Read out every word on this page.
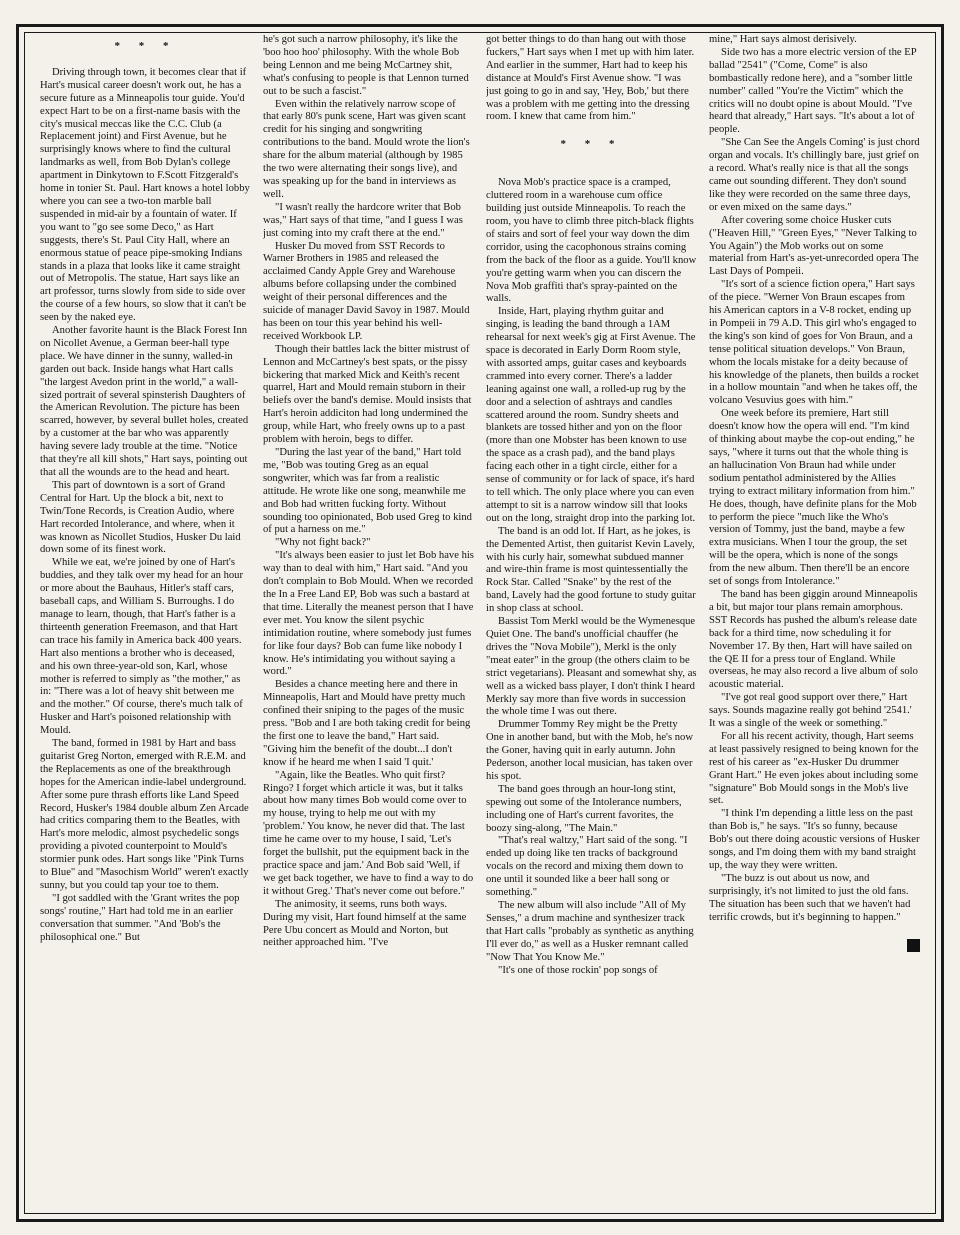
* * *

Driving through town, it becomes clear that if Hart's musical career doesn't work out, he has a secure future as a Minneapolis tour guide. You'd expect Hart to be on a first-name basis with the city's musical meccas like the C.C. Club (a Replacement joint) and First Avenue, but he surprisingly knows where to find the cultural landmarks as well, from Bob Dylan's college apartment in Dinkytown to F.Scott Fitzgerald's home in tonier St. Paul. Hart knows a hotel lobby where you can see a two-ton marble ball suspended in mid-air by a fountain of water. If you want to "go see some Deco," as Hart suggests, there's St. Paul City Hall, where an enormous statue of peace pipe-smoking Indians stands in a plaza that looks like it came straight out of Metropolis. The statue, Hart says like an art professor, turns slowly from side to side over the course of a few hours, so slow that it can't be seen by the naked eye.

Another favorite haunt is the Black Forest Inn on Nicollet Avenue, a German beer-hall type place. We have dinner in the sunny, walled-in garden out back. Inside hangs what Hart calls "the largest Avedon print in the world," a wall-sized portrait of several spinsterish Daughters of the American Revolution. The picture has been scarred, however, by several bullet holes, created by a customer at the bar who was apparently having severe lady trouble at the time. "Notice that they're all kill shots," Hart says, pointing out that all the wounds are to the head and heart.

This part of downtown is a sort of Grand Central for Hart. Up the block a bit, next to Twin/Tone Records, is Creation Audio, where Hart recorded Intolerance, and where, when it was known as Nicollet Studios, Husker Du laid down some of its finest work.

While we eat, we're joined by one of Hart's buddies, and they talk over my head for an hour or more about the Bauhaus, Hitler's staff cars, baseball caps, and William S. Burroughs. I do manage to learn, though, that Hart's father is a thirteenth generation Freemason, and that Hart can trace his family in America back 400 years. Hart also mentions a brother who is deceased, and his own three-year-old son, Karl, whose mother is referred to simply as "the mother," as in: "There was a lot of heavy shit between me and the mother." Of course, there's much talk of Husker and Hart's poisoned relationship with Mould.

The band, formed in 1981 by Hart and bass guitarist Greg Norton, emerged with R.E.M. and the Replacements as one of the breakthrough hopes for the American indie-label underground. After some pure thrash efforts like Land Speed Record, Husker's 1984 double album Zen Arcade had critics comparing them to the Beatles, with Hart's more melodic, almost psychedelic songs providing a pivoted counterpoint to Mould's stormier punk odes. Hart songs like "Pink Turns to Blue" and "Masochism World" weren't exactly sunny, but you could tap your toe to them.

"I got saddled with the 'Grant writes the pop songs' routine," Hart had told me in an earlier conversation that summer. "And 'Bob's the philosophical one." But

he's got such a narrow philosophy, it's like the 'boo hoo hoo' philosophy. With the whole Bob being Lennon and me being McCartney shit, what's confusing to people is that Lennon turned out to be such a fascist."

Even within the relatively narrow scope of that early 80's punk scene, Hart was given scant credit for his singing and songwriting contributions to the band. Mould wrote the lion's share for the album material (although by 1985 the two were alternating their songs live), and was speaking up for the band in interviews as well.

"I wasn't really the hardcore writer that Bob was," Hart says of that time, "and I guess I was just coming into my craft there at the end."

Husker Du moved from SST Records to Warner Brothers in 1985 and released the acclaimed Candy Apple Grey and Warehouse albums before collapsing under the combined weight of their personal differences and the suicide of manager David Savoy in 1987. Mould has been on tour this year behind his well-received Workbook LP.

Though their battles lack the bitter mistrust of Lennon and McCartney's best spats, or the pissy bickering that marked Mick and Keith's recent quarrel, Hart and Mould remain stuborn in their beliefs over the band's demise. Mould insists that Hart's heroin addiciton had long undermined the group, while Hart, who freely owns up to a past problem with heroin, begs to differ.

"During the last year of the band," Hart told me, "Bob was touting Greg as an equal songwriter, which was far from a realistic attitude. He wrote like one song, meanwhile me and Bob had written fucking forty. Without sounding too opinionated, Bob used Greg to kind of put a harness on me."

"Why not fight back?"

"It's always been easier to just let Bob have his way than to deal with him," Hart said. "And you don't complain to Bob Mould. When we recorded the In a Free Land EP, Bob was such a bastard at that time. Literally the meanest person that I have ever met. You know the silent psychic intimidation routine, where somebody just fumes for like four days? Bob can fume like nobody I know. He's intimidating you without saying a word."

Besides a chance meeting here and there in Minneapolis, Hart and Mould have pretty much confined their sniping to the pages of the music press. "Bob and I are both taking credit for being the first one to leave the band," Hart said. "Giving him the benefit of the doubt...I don't know if he heard me when I said 'I quit.'

"Again, like the Beatles. Who quit first? Ringo? I forget which article it was, but it talks about how many times Bob would come over to my house, trying to help me out with my 'problem.' You know, he never did that. The last time he came over to my house, I said, 'Let's forget the bullshit, put the equipment back in the practice space and jam.' And Bob said 'Well, if we get back together, we have to find a way to do it without Greg.' That's never come out before."

The animosity, it seems, runs both ways. During my visit, Hart found himself at the same Pere Ubu concert as Mould and Norton, but neither approached him. "I've

got better things to do than hang out with those fuckers," Hart says when I met up with him later. And earlier in the summer, Hart had to keep his distance at Mould's First Avenue show. "I was just going to go in and say, 'Hey, Bob,' but there was a problem with me getting into the dressing room. I knew that came from him."

* * *

Nova Mob's practice space is a cramped, cluttered room in a warehouse cum office building just outside Minneapolis. To reach the room, you have to climb three pitch-black flights of stairs and sort of feel your way down the dim corridor, using the cacophonous strains coming from the back of the floor as a guide. You'll know you're getting warm when you can discern the Nova Mob graffiti that's spray-painted on the walls.

Inside, Hart, playing rhythm guitar and singing, is leading the band through a 1AM rehearsal for next week's gig at First Avenue. The space is decorated in Early Dorm Room style, with assorted amps, guitar cases and keyboards crammed into every corner. There's a ladder leaning against one wall, a rolled-up rug by the door and a selection of ashtrays and candles scattered around the room. Sundry sheets and blankets are tossed hither and yon on the floor (more than one Mobster has been known to use the space as a crash pad), and the band plays facing each other in a tight circle, either for a sense of community or for lack of space, it's hard to tell which. The only place where you can even attempt to sit is a narrow window sill that looks out on the long, straight drop into the parking lot.

The band is an odd lot. If Hart, as he jokes, is the Demented Artist, then guitarist Kevin Lavely, with his curly hair, somewhat subdued manner and wire-thin frame is most quintessentially the Rock Star. Called "Snake" by the rest of the band, Lavely had the good fortune to study guitar in shop class at school.

Bassist Tom Merkl would be the Wymenesque Quiet One. The band's unofficial chauffer (he drives the "Nova Mobile"), Merkl is the only "meat eater" in the group (the others claim to be strict vegetarians). Pleasant and somewhat shy, as well as a wicked bass player, I don't think I heard Merkly say more than five words in succession the whole time I was out there.

Drummer Tommy Rey might be the Pretty One in another band, but with the Mob, he's now the Goner, having quit in early autumn. John Pederson, another local musician, has taken over his spot.

The band goes through an hour-long stint, spewing out some of the Intolerance numbers, including one of Hart's current favorites, the boozy sing-along, "The Main."

"That's real waltzy," Hart said of the song. "I ended up doing like ten tracks of background vocals on the record and mixing them down to one until it sounded like a beer hall song or something."

The new album will also include "All of My Senses," a drum machine and synthesizer track that Hart calls "probably as synthetic as anything I'll ever do," as well as a Husker remnant called "Now That You Know Me."

"It's one of those rockin' pop songs of

mine," Hart says almost derisively.

Side two has a more electric version of the EP ballad "2541" ("Come, Come" is also bombastically redone here), and a "somber little number" called "You're the Victim" which the critics will no doubt opine is about Mould. "I've heard that already," Hart says. "It's about a lot of people.

"She Can See the Angels Coming' is just chord organ and vocals. It's chillingly bare, just grief on a record. What's really nice is that all the songs came out sounding different. They don't sound like they were recorded on the same three days, or even mixed on the same days."

After covering some choice Husker cuts ("Heaven Hill," "Green Eyes," "Never Talking to You Again") the Mob works out on some material from Hart's as-yet-unrecorded opera The Last Days of Pompeii.

"It's sort of a science fiction opera," Hart says of the piece. "Werner Von Braun escapes from his American captors in a V-8 rocket, ending up in Pompeii in 79 A.D. This girl who's engaged to the king's son kind of goes for Von Braun, and a tense political situation develops." Von Braun, whom the locals mistake for a deity because of his knowledge of the planets, then builds a rocket in a hollow mountain "and when he takes off, the volcano Vesuvius goes with him."

One week before its premiere, Hart still doesn't know how the opera will end. "I'm kind of thinking about maybe the cop-out ending," he says, "where it turns out that the whole thing is an hallucination Von Braun had while under sodium pentathol administered by the Allies trying to extract military information from him." He does, though, have definite plans for the Mob to perform the piece "much like the Who's version of Tommy, just the band, maybe a few extra musicians. When I tour the group, the set will be the opera, which is none of the songs from the new album. Then there'll be an encore set of songs from Intolerance."

The band has been giggin around Minneapolis a bit, but major tour plans remain amorphous. SST Records has pushed the album's release date back for a third time, now scheduling it for November 17. By then, Hart will have sailed on the QE II for a press tour of England. While overseas, he may also record a live album of solo acoustic material.

"I've got real good support over there," Hart says. Sounds magazine really got behind '2541.' It was a single of the week or something."

For all his recent activity, though, Hart seems at least passively resigned to being known for the rest of his career as "ex-Husker Du drummer Grant Hart." He even jokes about including some "signature" Bob Mould songs in the Mob's live set.

"I think I'm depending a little less on the past than Bob is," he says. "It's so funny, because Bob's out there doing acoustic versions of Husker songs, and I'm doing them with my band straight up, the way they were written.

"The buzz is out about us now, and surprisingly, it's not limited to just the old fans. The situation has been such that we haven't had terrific crowds, but it's beginning to happen."
